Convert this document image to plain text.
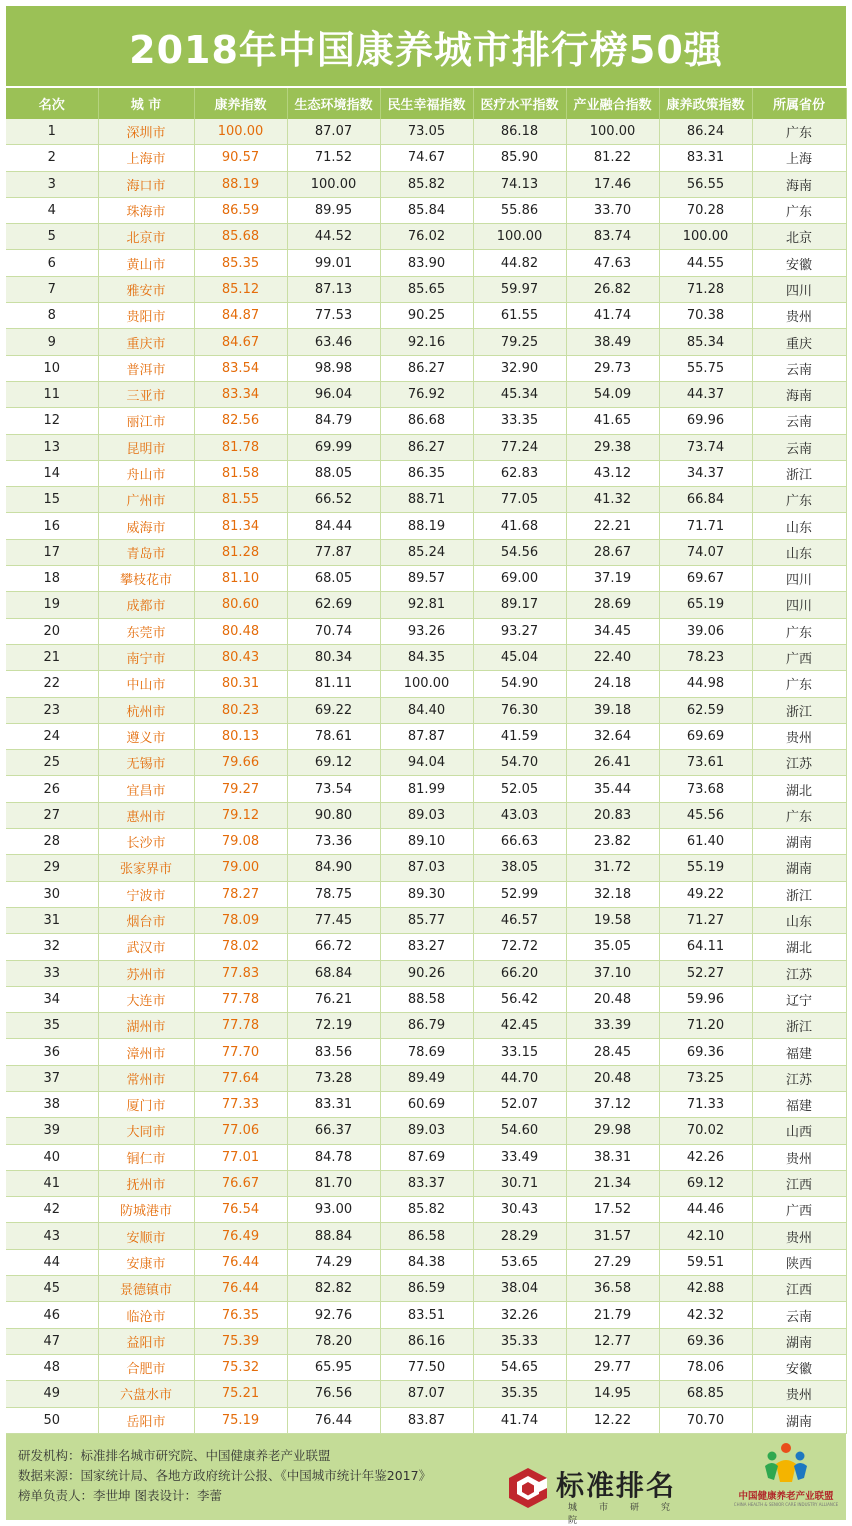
2018年中国康养城市排行榜50强
名次	城 市	康养指数	生态环境指数	民生幸福指数	医疗水平指数	产业融合指数	康养政策指数	所属省份
1	深圳市	100.00	87.07	73.05	86.18	100.00	86.24	广东
2	上海市	90.57	71.52	74.67	85.90	81.22	83.31	上海
3	海口市	88.19	100.00	85.82	74.13	17.46	56.55	海南
4	珠海市	86.59	89.95	85.84	55.86	33.70	70.28	广东
5	北京市	85.68	44.52	76.02	100.00	83.74	100.00	北京
6	黄山市	85.35	99.01	83.90	44.82	47.63	44.55	安徽
7	雅安市	85.12	87.13	85.65	59.97	26.82	71.28	四川
8	贵阳市	84.87	77.53	90.25	61.55	41.74	70.38	贵州
9	重庆市	84.67	63.46	92.16	79.25	38.49	85.34	重庆
10	普洱市	83.54	98.98	86.27	32.90	29.73	55.75	云南
11	三亚市	83.34	96.04	76.92	45.34	54.09	44.37	海南
12	丽江市	82.56	84.79	86.68	33.35	41.65	69.96	云南
13	昆明市	81.78	69.99	86.27	77.24	29.38	73.74	云南
14	舟山市	81.58	88.05	86.35	62.83	43.12	34.37	浙江
15	广州市	81.55	66.52	88.71	77.05	41.32	66.84	广东
16	威海市	81.34	84.44	88.19	41.68	22.21	71.71	山东
17	青岛市	81.28	77.87	85.24	54.56	28.67	74.07	山东
18	攀枝花市	81.10	68.05	89.57	69.00	37.19	69.67	四川
19	成都市	80.60	62.69	92.81	89.17	28.69	65.19	四川
20	东莞市	80.48	70.74	93.26	93.27	34.45	39.06	广东
21	南宁市	80.43	80.34	84.35	45.04	22.40	78.23	广西
22	中山市	80.31	81.11	100.00	54.90	24.18	44.98	广东
23	杭州市	80.23	69.22	84.40	76.30	39.18	62.59	浙江
24	遵义市	80.13	78.61	87.87	41.59	32.64	69.69	贵州
25	无锡市	79.66	69.12	94.04	54.70	26.41	73.61	江苏
26	宜昌市	79.27	73.54	81.99	52.05	35.44	73.68	湖北
27	惠州市	79.12	90.80	89.03	43.03	20.83	45.56	广东
28	长沙市	79.08	73.36	89.10	66.63	23.82	61.40	湖南
29	张家界市	79.00	84.90	87.03	38.05	31.72	55.19	湖南
30	宁波市	78.27	78.75	89.30	52.99	32.18	49.22	浙江
31	烟台市	78.09	77.45	85.77	46.57	19.58	71.27	山东
32	武汉市	78.02	66.72	83.27	72.72	35.05	64.11	湖北
33	苏州市	77.83	68.84	90.26	66.20	37.10	52.27	江苏
34	大连市	77.78	76.21	88.58	56.42	20.48	59.96	辽宁
35	湖州市	77.78	72.19	86.79	42.45	33.39	71.20	浙江
36	漳州市	77.70	83.56	78.69	33.15	28.45	69.36	福建
37	常州市	77.64	73.28	89.49	44.70	20.48	73.25	江苏
38	厦门市	77.33	83.31	60.69	52.07	37.12	71.33	福建
39	大同市	77.06	66.37	89.03	54.60	29.98	70.02	山西
40	铜仁市	77.01	84.78	87.69	33.49	38.31	42.26	贵州
41	抚州市	76.67	81.70	83.37	30.71	21.34	69.12	江西
42	防城港市	76.54	93.00	85.82	30.43	17.52	44.46	广西
43	安顺市	76.49	88.84	86.58	28.29	31.57	42.10	贵州
44	安康市	76.44	74.29	84.38	53.65	27.29	59.51	陕西
45	景德镇市	76.44	82.82	86.59	38.04	36.58	42.88	江西
46	临沧市	76.35	92.76	83.51	32.26	21.79	42.32	云南
47	益阳市	75.39	78.20	86.16	35.33	12.77	69.36	湖南
48	合肥市	75.32	65.95	77.50	54.65	29.77	78.06	安徽
49	六盘水市	75.21	76.56	87.07	35.35	14.95	68.85	贵州
50	岳阳市	75.19	76.44	83.87	41.74	12.22	70.70	湖南
研发机构：标准排名城市研究院、中国健康养老产业联盟
数据来源：国家统计局、各地方政府统计公报、《中国城市统计年鉴2017》
榜单负责人：李世坤 图表设计：李蕾	标准排名
城市研究院
中国健康养老产业联盟
CHINA HEALTH & SENIOR CARE INDUSTRY ALLIANCE
